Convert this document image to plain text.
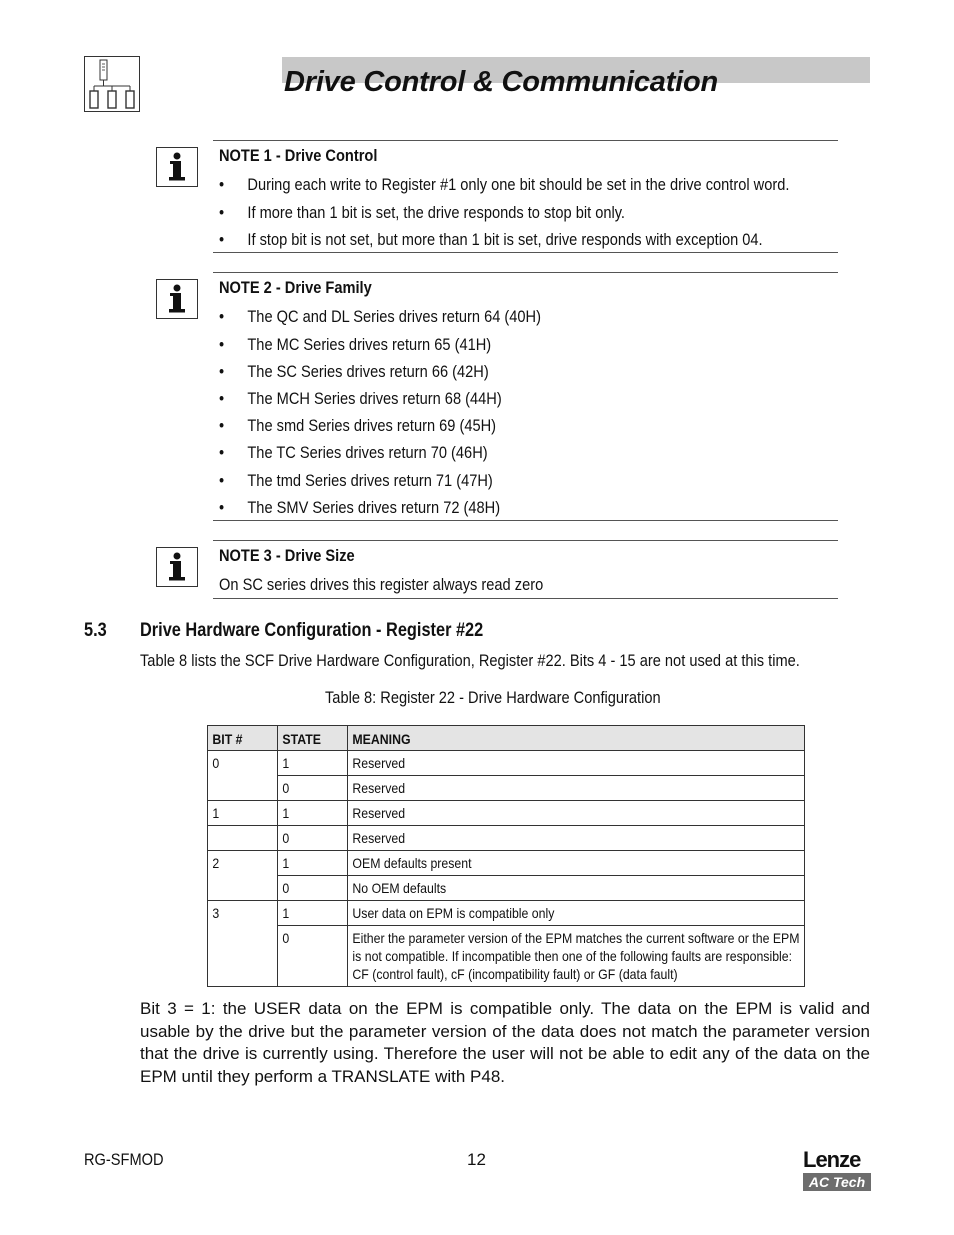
Drive Control & Communication
NOTE 1 - Drive Control
• During each write to Register #1 only one bit should be set in the drive control word.
• If more than 1 bit is set, the drive responds to stop bit only.
• If stop bit is not set, but more than 1 bit is set, drive responds with exception 04.
NOTE 2 - Drive Family
• The QC and DL Series drives return 64 (40H)
• The MC Series drives return 65 (41H)
• The SC Series drives return 66 (42H)
• The MCH Series drives return 68 (44H)
• The smd Series drives return 69 (45H)
• The TC Series drives return 70 (46H)
• The tmd Series drives return 71 (47H)
• The SMV Series drives return 72 (48H)
NOTE 3 - Drive Size
On SC series drives this register always read zero
5.3 Drive Hardware Configuration - Register #22
Table 8 lists the SCF Drive Hardware Configuration, Register #22. Bits 4 - 15 are not used at this time.
Table 8: Register 22 - Drive Hardware Configuration
BIT #	STATE	MEANING

0	1	Reserved

	0	Reserved

1	1	Reserved

	0	Reserved

2	1	OEM defaults present

	0	No OEM defaults

3	1	User data on EPM is compatible only

	0	Either the parameter version of the EPM matches the current software or the EPM is not compatible. If incompatible then one of the following faults are responsible: CF (control fault), cF (incompatibility fault) or GF (data fault)
Bit 3 = 1: the USER data on the EPM is compatible only. The data on the EPM is valid and usable by the drive but the parameter version of the data does not match the parameter version that the drive is currently using. Therefore the user will not be able to edit any of the data on the EPM until they perform a TRANSLATE with P48.
RG-SFMOD	12	Lenze
AC Tech
